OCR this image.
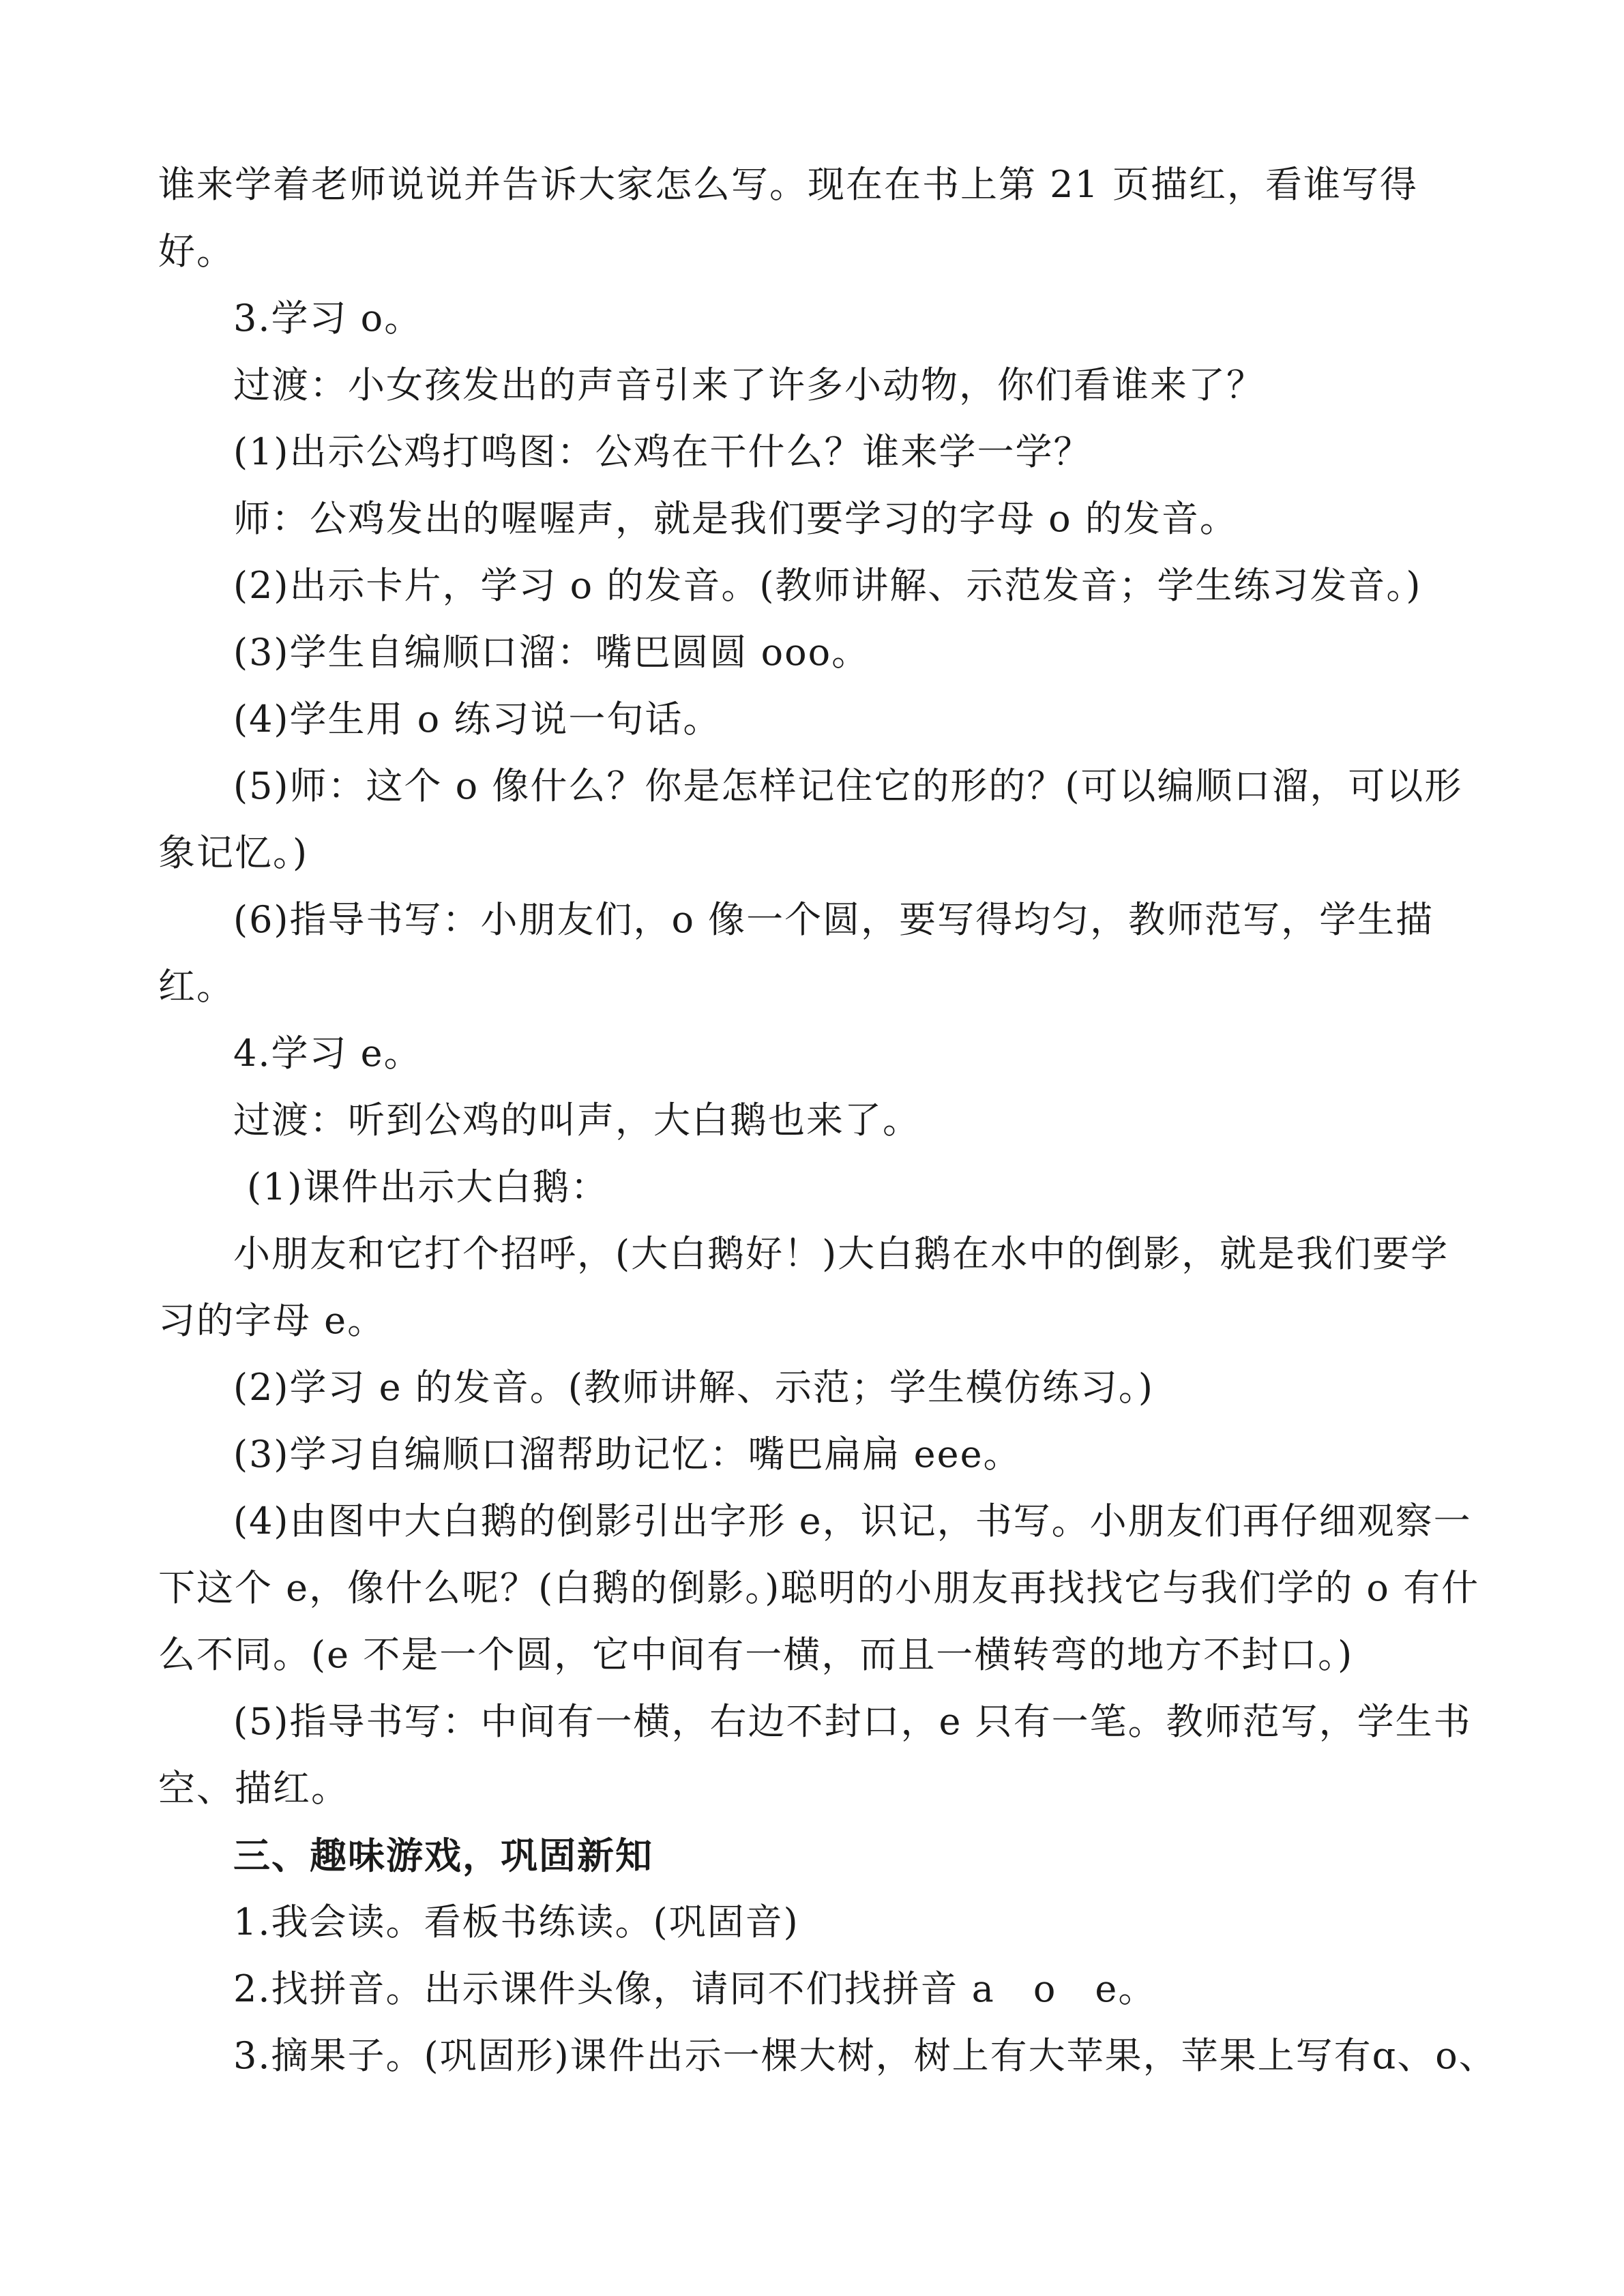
谁来学着老师说说并告诉大家怎么写。现在在书上第 21 页描红，看谁写得
好。
3.学习 o。
过渡：小女孩发出的声音引来了许多小动物，你们看谁来了？
(1)出示公鸡打鸣图：公鸡在干什么？谁来学一学？
师：公鸡发出的喔喔声，就是我们要学习的字母 o 的发音。
(2)出示卡片，学习 o 的发音。(教师讲解、示范发音；学生练习发音。)
(3)学生自编顺口溜：嘴巴圆圆 ooo。
(4)学生用 o 练习说一句话。
(5)师：这个 o 像什么？你是怎样记住它的形的？(可以编顺口溜，可以形
象记忆。)
(6)指导书写：小朋友们，o 像一个圆，要写得均匀，教师范写，学生描
红。
4.学习 e。
过渡：听到公鸡的叫声，大白鹅也来了。
(1)课件出示大白鹅：
小朋友和它打个招呼，(大白鹅好！)大白鹅在水中的倒影，就是我们要学
习的字母 e。
(2)学习 e 的发音。(教师讲解、示范；学生模仿练习。)
(3)学习自编顺口溜帮助记忆：嘴巴扁扁 eee。
(4)由图中大白鹅的倒影引出字形 e，识记，书写。小朋友们再仔细观察一
下这个 e，像什么呢？(白鹅的倒影。)聪明的小朋友再找找它与我们学的 o 有什
么不同。(e 不是一个圆，它中间有一横，而且一横转弯的地方不封口。)
(5)指导书写：中间有一横，右边不封口，e 只有一笔。教师范写，学生书
空、描红。
三、趣味游戏，巩固新知
1.我会读。看板书练读。(巩固音)
2.找拼音。出示课件头像，请同不们找拼音 a　o　e。
3.摘果子。(巩固形)课件出示一棵大树，树上有大苹果，苹果上写有ɑ、o、
